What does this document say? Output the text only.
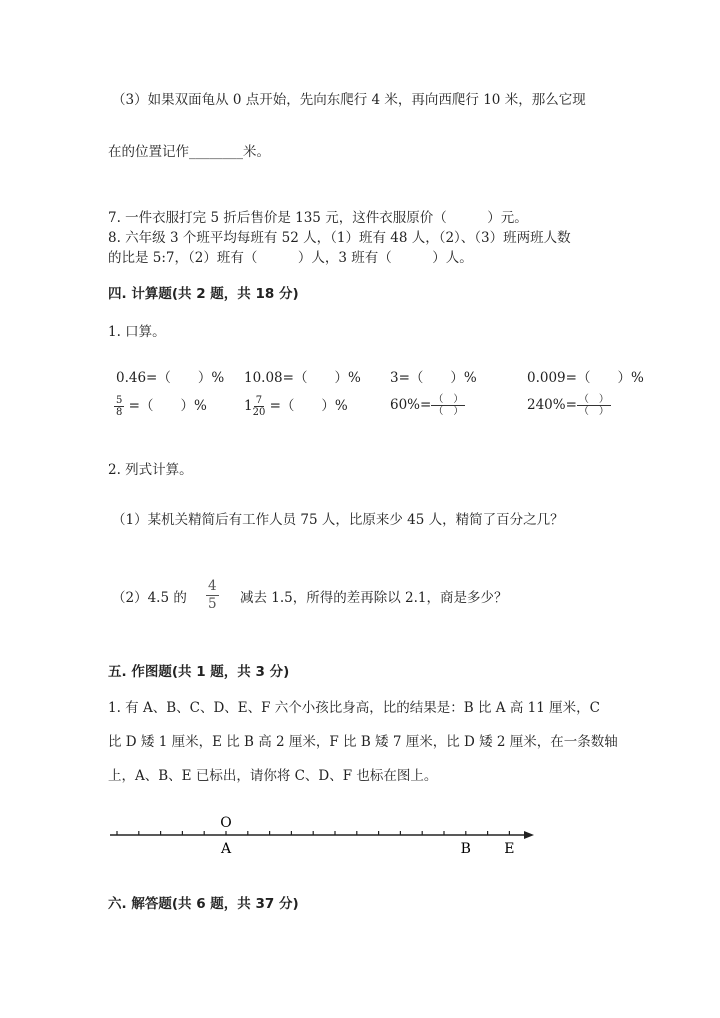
（3）如果双面龟从 0 点开始，先向东爬行 4 米，再向西爬行 10 米，那么它现
在的位置记作________米。
7. 一件衣服打完 5 折后售价是 135 元，这件衣服原价（　　　）元。
8. 六年级 3 个班平均每班有 52 人，（1）班有 48 人，（2）、（3）班两班人数
的比是 5:7，（2）班有（　　　）人，3 班有（　　　）人。
四. 计算题(共 2 题，共 18 分)
1. 口算。
0.46=（　　）% 10.08=（　　）% 3=（　　）%	0.009=（　　）%
$\frac{5}{8}$ =（　　）%	$1 \frac{7}{20}$ =（　　）%	$60\%= \frac{( )}{( )}$	$240\%= \frac{( )}{( )}$
2. 列式计算。
（1）某机关精简后有工作人员 75 人，比原来少 45 人，精简了百分之几？
（2）4.5 的 $\frac{4}{5}$ 减去 1.5，所得的差再除以 2.1，商是多少？
五. 作图题(共 1 题，共 3 分)
1. 有 A、B、C、D、E、F 六个小孩比身高，比的结果是：B 比 A 高 11 厘米，C
比 D 矮 1 厘米，E 比 B 高 2 厘米，F 比 B 矮 7 厘米，比 D 矮 2 厘米，在一条数轴
上，A、B、E 已标出，请你将 C、D、F 也标在图上。
O
A	B E
六. 解答题(共 6 题，共 37 分)
